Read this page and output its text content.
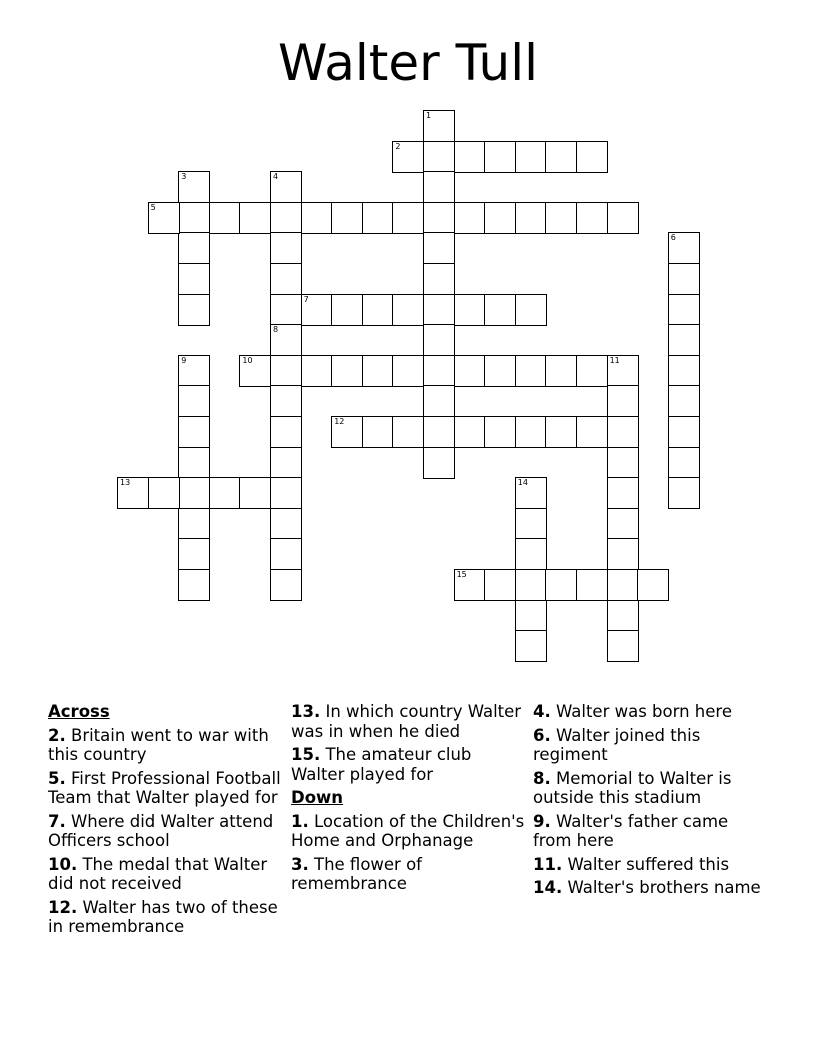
Walter Tull
1
2
3	4
5
6
7
8
9	10	11
12
13	14
15
Across
2. Britain went to war with this country
5. First Professional Football Team that Walter played for
7. Where did Walter attend Officers school
10. The medal that Walter did not received
12. Walter has two of these in remembrance
13. In which country Walter was in when he died
15. The amateur club Walter played for
Down
1. Location of the Children's Home and Orphanage
3. The flower of remembrance
4. Walter was born here
6. Walter joined this regiment
8. Memorial to Walter is outside this stadium
9. Walter's father came from here
11. Walter suffered this
14. Walter's brothers name
